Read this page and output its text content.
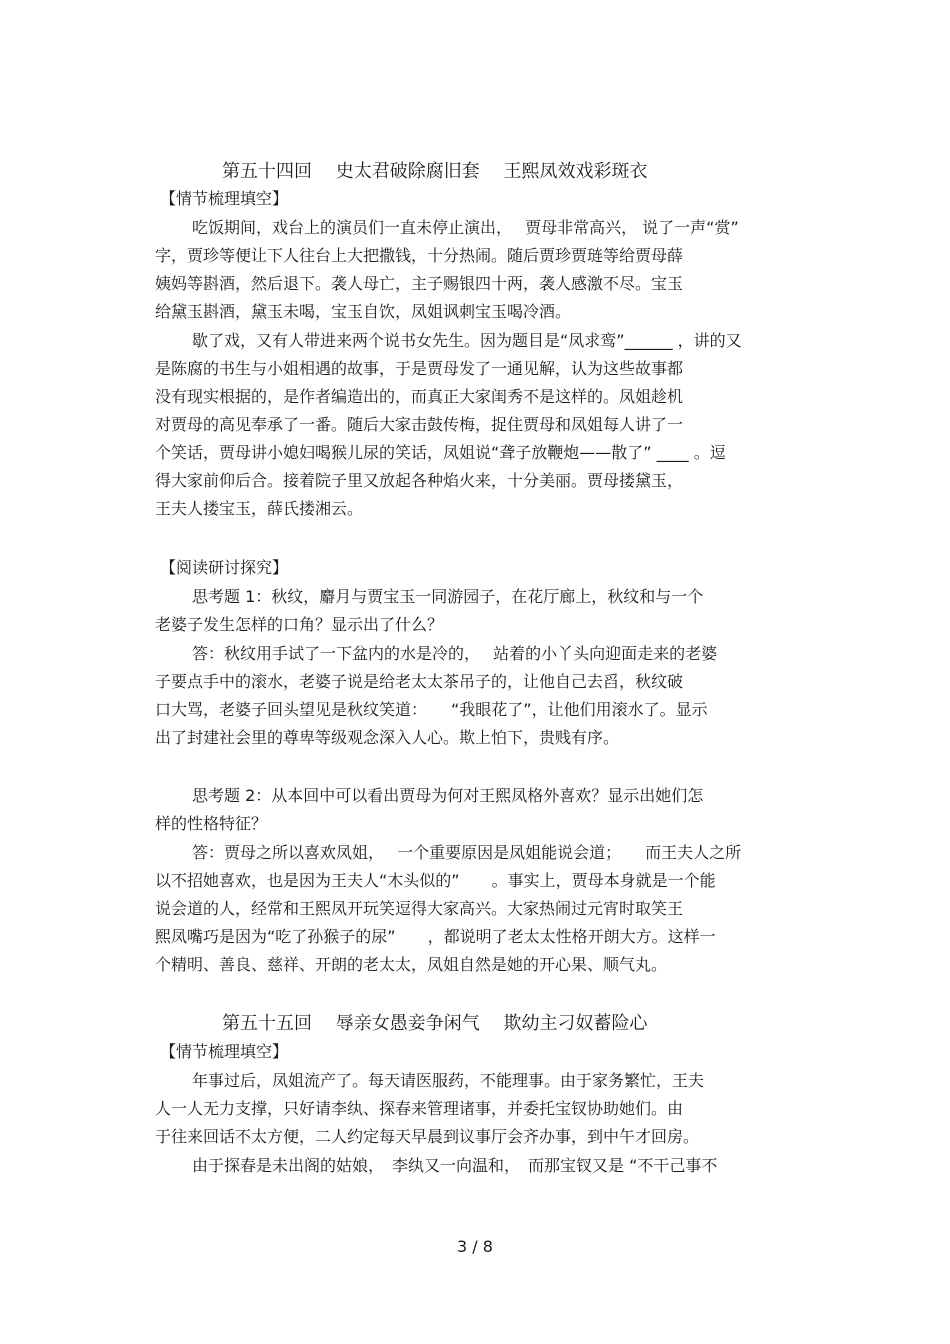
第五十四回　 史太君破除腐旧套　 王熙凤效戏彩斑衣
【情节梳理填空】
吃饭期间，戏台上的演员们一直未停止演出，　 贾母非常高兴， 说了一声“赏”
字，贾珍等便让下人往台上大把撒钱，十分热闹。随后贾珍贾琏等给贾母薛
姨妈等斟酒，然后退下。袭人母亡，主子赐银四十两，袭人感激不尽。宝玉
给黛玉斟酒，黛玉未喝，宝玉自饮，凤姐讽刺宝玉喝冷酒。
歇了戏，又有人带进来两个说书女先生。因为题目是“凤求鸾”______ ，讲的又
是陈腐的书生与小姐相遇的故事，于是贾母发了一通见解，认为这些故事都
没有现实根据的，是作者编造出的，而真正大家闺秀不是这样的。凤姐趁机
对贾母的高见奉承了一番。随后大家击鼓传梅，捉住贾母和凤姐每人讲了一
个笑话，贾母讲小媳妇喝猴儿尿的笑话，凤姐说“聋子放鞭炮——散了” ____ 。逗
得大家前仰后合。接着院子里又放起各种焰火来，十分美丽。贾母搂黛玉，
王夫人搂宝玉，薛氏搂湘云。
【阅读研讨探究】
思考题 1：秋纹，麝月与贾宝玉一同游园子，在花厅廊上，秋纹和与一个
老婆子发生怎样的口角？显示出了什么？
答：秋纹用手试了一下盆内的水是冷的，　 站着的小丫头向迎面走来的老婆
子要点手中的滚水，老婆子说是给老太太茶吊子的，让他自己去舀，秋纹破
口大骂，老婆子回头望见是秋纹笑道：　　“我眼花了”，让他们用滚水了。显示
出了封建社会里的尊卑等级观念深入人心。欺上怕下，贵贱有序。
思考题 2：从本回中可以看出贾母为何对王熙凤格外喜欢？显示出她们怎
样的性格特征？
答：贾母之所以喜欢凤姐，　 一个重要原因是凤姐能说会道；　　而王夫人之所
以不招她喜欢，也是因为王夫人“木头似的”　　。事实上，贾母本身就是一个能
说会道的人，经常和王熙凤开玩笑逗得大家高兴。大家热闹过元宵时取笑王
熙凤嘴巧是因为“吃了孙猴子的尿”　　，都说明了老太太性格开朗大方。这样一
个精明、善良、慈祥、开朗的老太太，凤姐自然是她的开心果、顺气丸。
第五十五回　 辱亲女愚妾争闲气　 欺幼主刁奴蓄险心
【情节梳理填空】
年事过后，凤姐流产了。每天请医服药，不能理事。由于家务繁忙，王夫
人一人无力支撑，只好请李纨、探春来管理诸事，并委托宝钗协助她们。由
于往来回话不太方便，二人约定每天早晨到议事厅会齐办事，到中午才回房。
由于探春是未出阁的姑娘，　李纨又一向温和，　而那宝钗又是 “不干己事不
3 / 8
